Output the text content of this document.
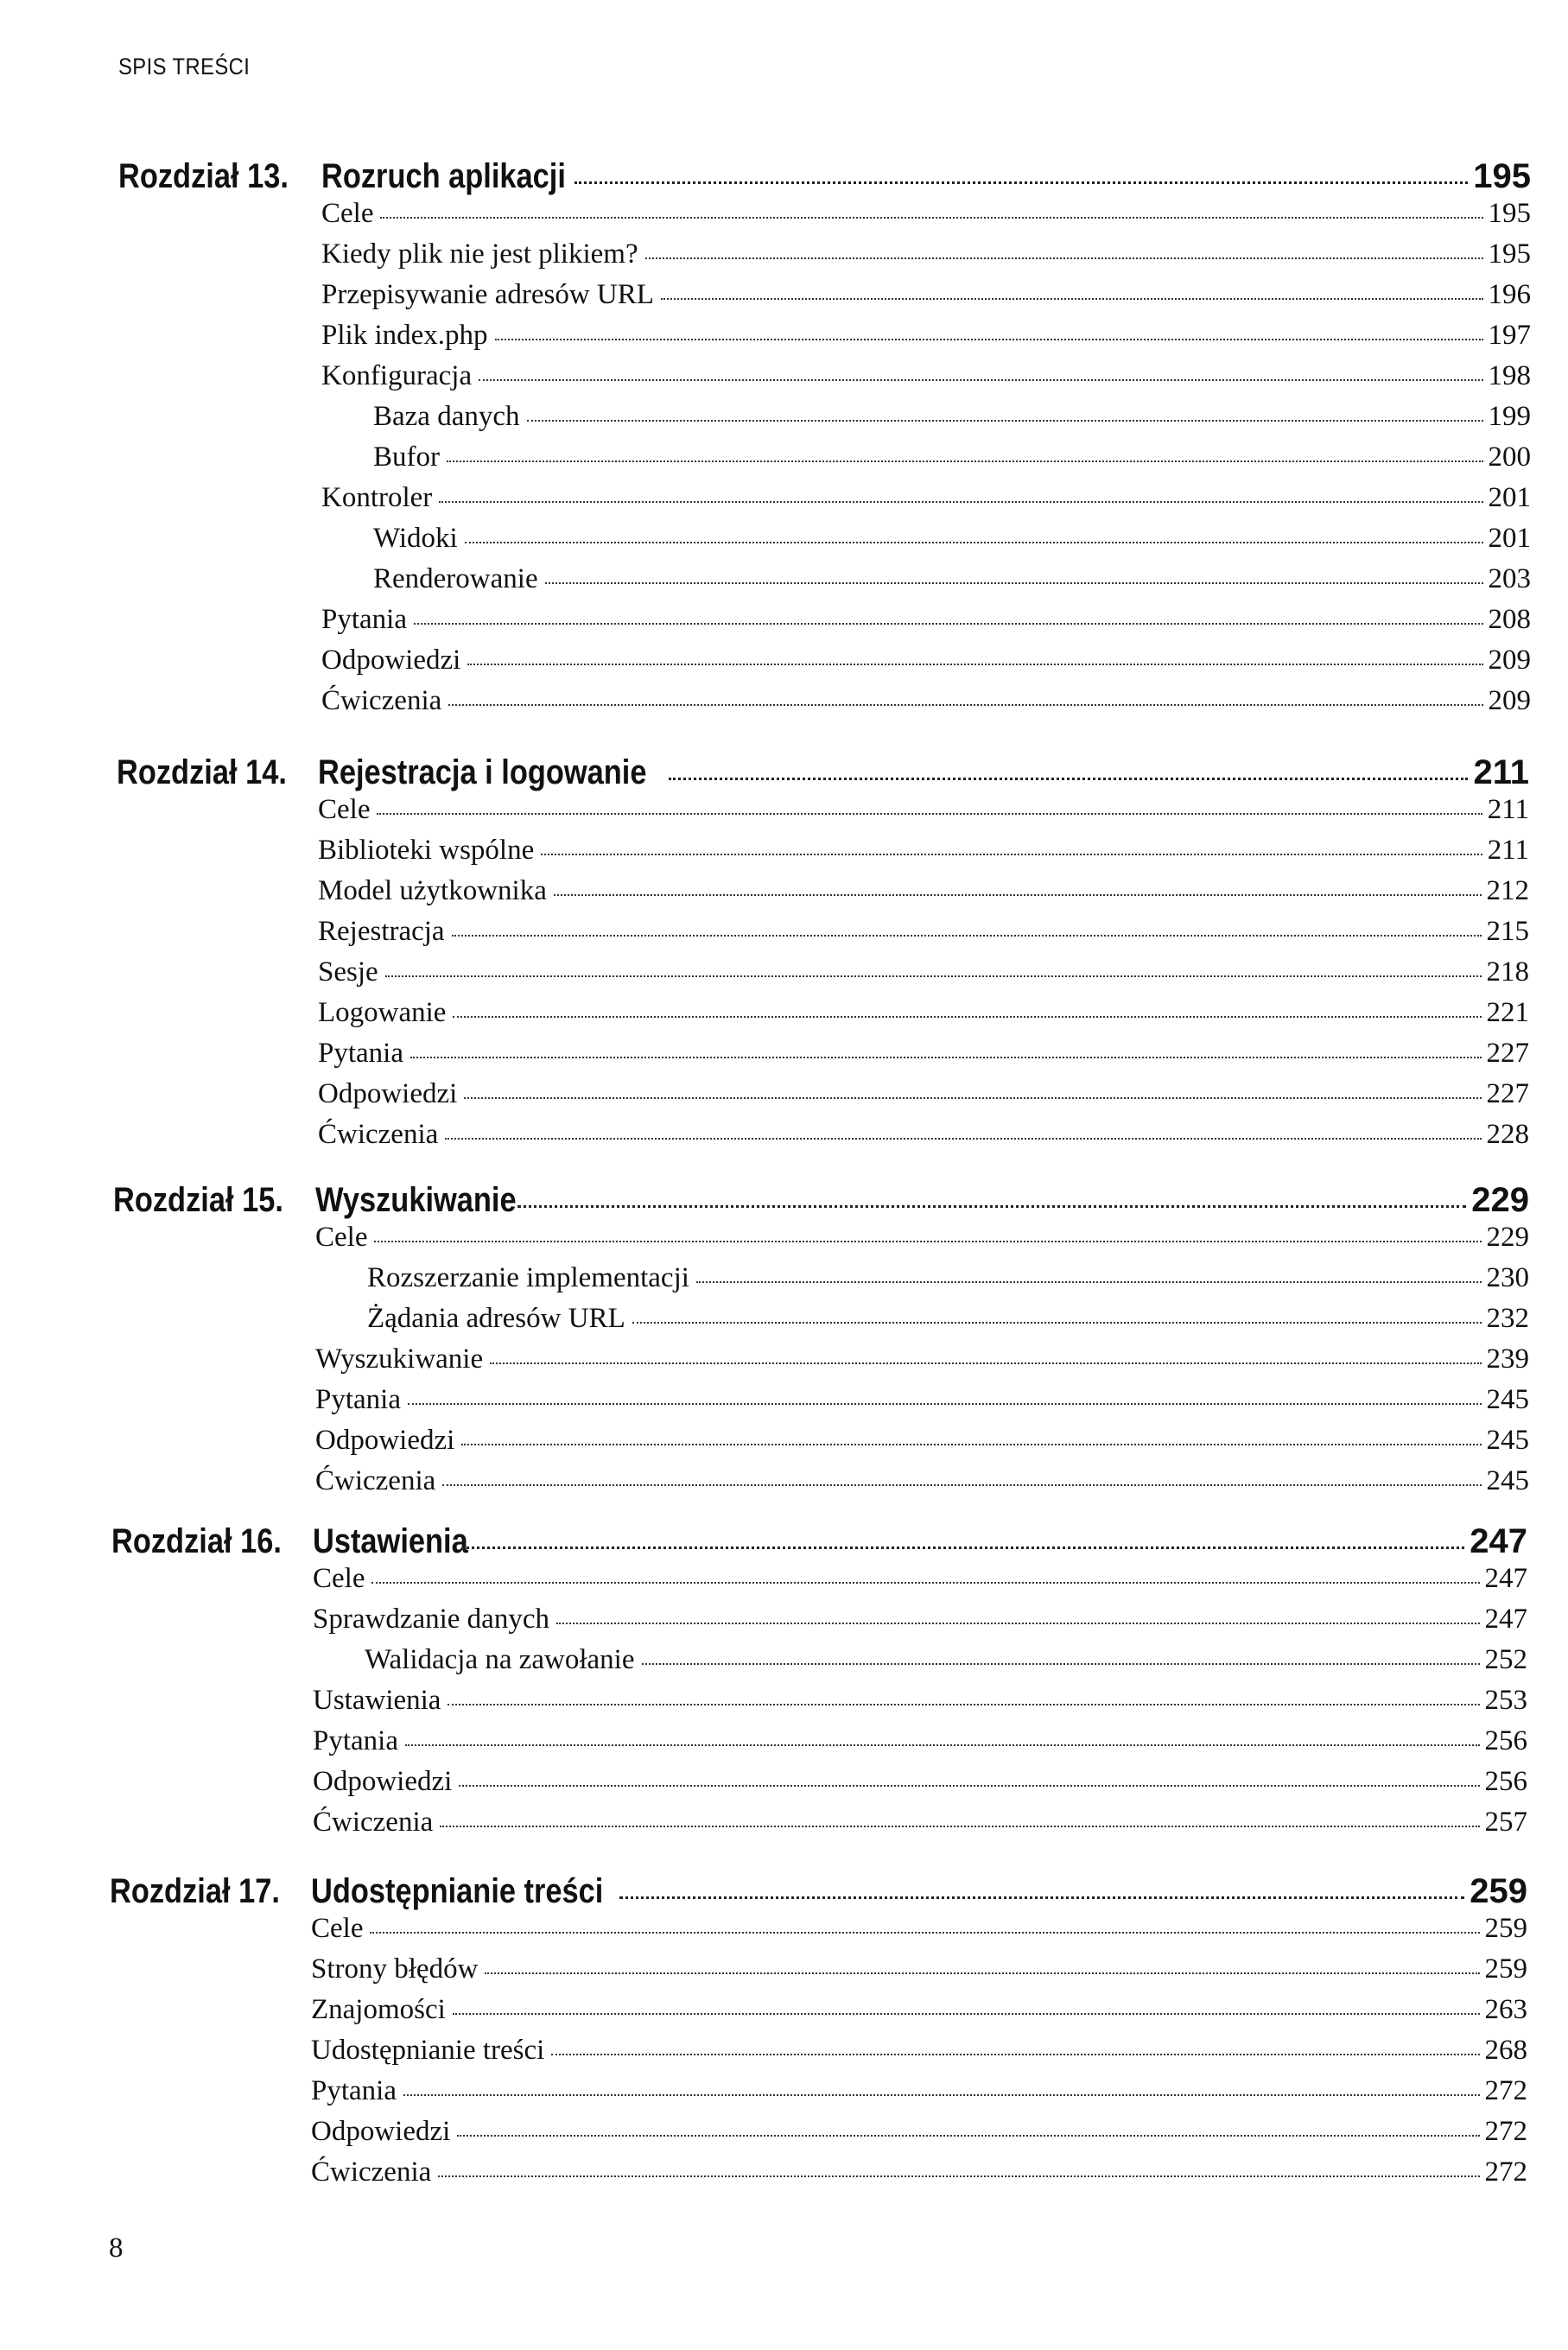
SPIS TREŚCI
Rozdział 13. Rozruch aplikacji	195
Cele	195
Kiedy plik nie jest plikiem?	195
Przepisywanie adresów URL	196
Plik index.php	197
Konfiguracja	198
Baza danych	199
Bufor	200
Kontroler	201
Widoki	201
Renderowanie	203
Pytania	208
Odpowiedzi	209
Ćwiczenia	209
Rozdział 14. Rejestracja i logowanie	211
Cele	211
Biblioteki wspólne	211
Model użytkownika	212
Rejestracja	215
Sesje	218
Logowanie	221
Pytania	227
Odpowiedzi	227
Ćwiczenia	228
Rozdział 15. Wyszukiwanie	229
Cele	229
Rozszerzanie implementacji	230
Żądania adresów URL	232
Wyszukiwanie	239
Pytania	245
Odpowiedzi	245
Ćwiczenia	245
Rozdział 16. Ustawienia	247
Cele	247
Sprawdzanie danych	247
Walidacja na zawołanie	252
Ustawienia	253
Pytania	256
Odpowiedzi	256
Ćwiczenia	257
Rozdział 17. Udostępnianie treści	259
Cele	259
Strony błędów	259
Znajomości	263
Udostępnianie treści	268
Pytania	272
Odpowiedzi	272
Ćwiczenia	272
8
